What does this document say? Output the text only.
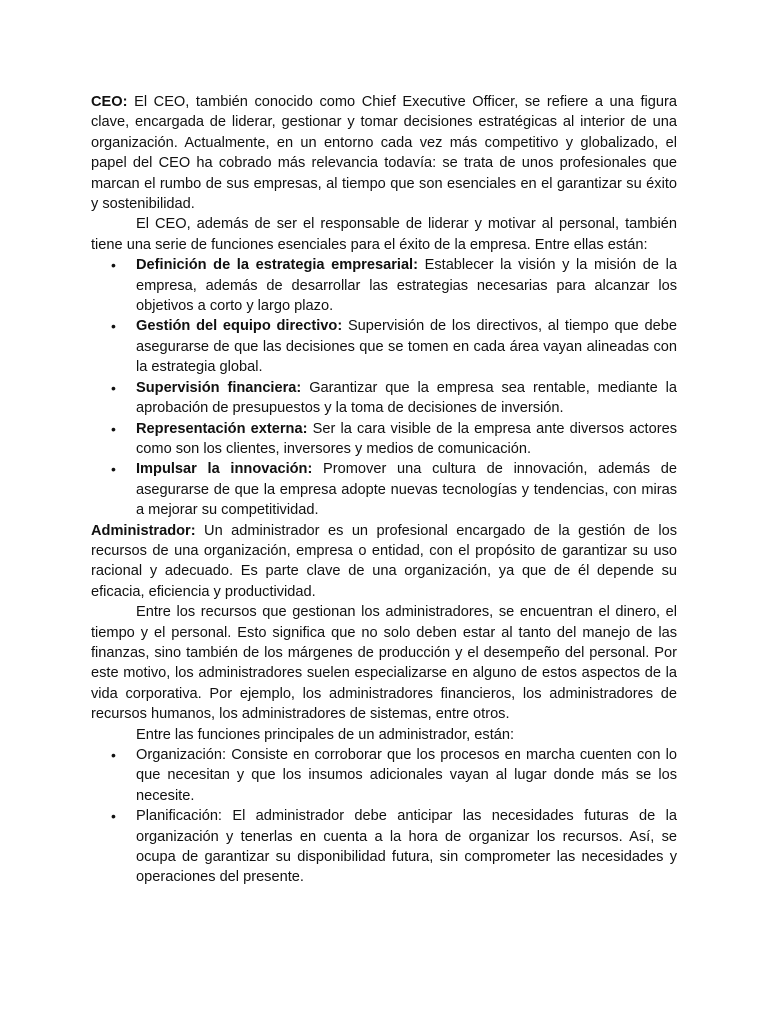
CEO: El CEO, también conocido como Chief Executive Officer, se refiere a una figura clave, encargada de liderar, gestionar y tomar decisiones estratégicas al interior de una organización. Actualmente, en un entorno cada vez más competitivo y globalizado, el papel del CEO ha cobrado más relevancia todavía: se trata de unos profesionales que marcan el rumbo de sus empresas, al tiempo que son esenciales en el garantizar su éxito y sostenibilidad.

El CEO, además de ser el responsable de liderar y motivar al personal, también tiene una serie de funciones esenciales para el éxito de la empresa. Entre ellas están:

• Definición de la estrategia empresarial: Establecer la visión y la misión de la empresa, además de desarrollar las estrategias necesarias para alcanzar los objetivos a corto y largo plazo.
• Gestión del equipo directivo: Supervisión de los directivos, al tiempo que debe asegurarse de que las decisiones que se tomen en cada área vayan alineadas con la estrategia global.
• Supervisión financiera: Garantizar que la empresa sea rentable, mediante la aprobación de presupuestos y la toma de decisiones de inversión.
• Representación externa: Ser la cara visible de la empresa ante diversos actores como son los clientes, inversores y medios de comunicación.
• Impulsar la innovación: Promover una cultura de innovación, además de asegurarse de que la empresa adopte nuevas tecnologías y tendencias, con miras a mejorar su competitividad.

Administrador: Un administrador es un profesional encargado de la gestión de los recursos de una organización, empresa o entidad, con el propósito de garantizar su uso racional y adecuado. Es parte clave de una organización, ya que de él depende su eficacia, eficiencia y productividad.

Entre los recursos que gestionan los administradores, se encuentran el dinero, el tiempo y el personal. Esto significa que no solo deben estar al tanto del manejo de las finanzas, sino también de los márgenes de producción y el desempeño del personal. Por este motivo, los administradores suelen especializarse en alguno de estos aspectos de la vida corporativa. Por ejemplo, los administradores financieros, los administradores de recursos humanos, los administradores de sistemas, entre otros.

Entre las funciones principales de un administrador, están:

• Organización: Consiste en corroborar que los procesos en marcha cuenten con lo que necesitan y que los insumos adicionales vayan al lugar donde más se los necesite.
• Planificación: El administrador debe anticipar las necesidades futuras de la organización y tenerlas en cuenta a la hora de organizar los recursos. Así, se ocupa de garantizar su disponibilidad futura, sin comprometer las necesidades y operaciones del presente.
